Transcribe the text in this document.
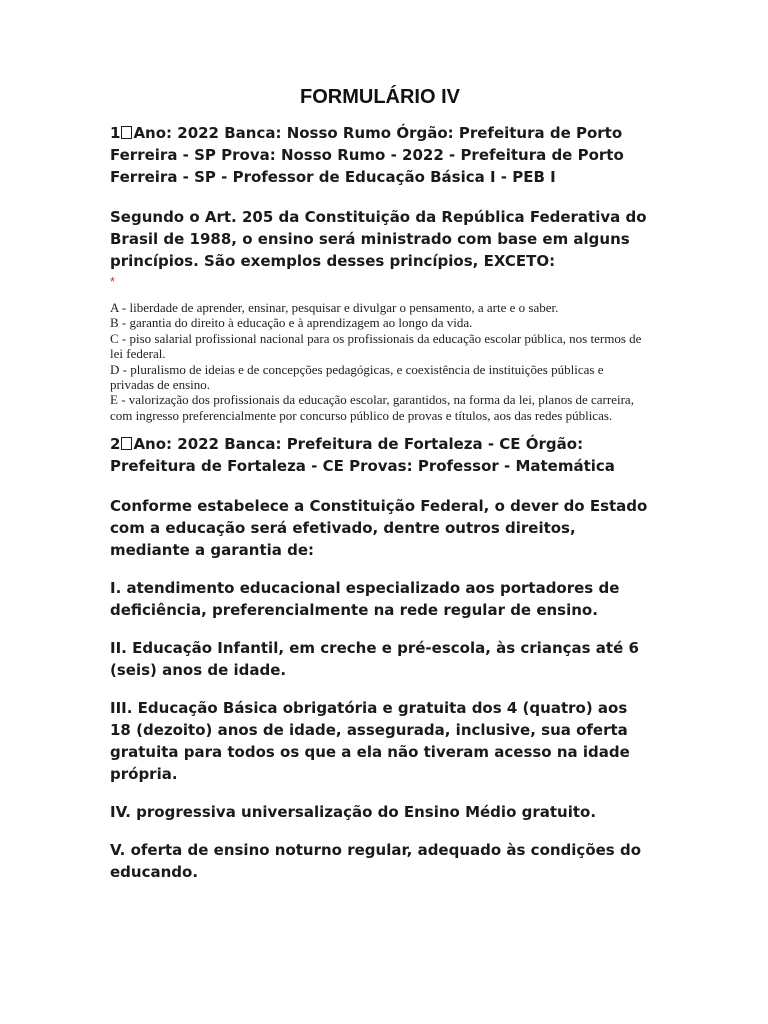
FORMULÁRIO IV

1 Ano: 2022 Banca: Nosso Rumo Órgão: Prefeitura de Porto Ferreira - SP Prova: Nosso Rumo - 2022 - Prefeitura de Porto Ferreira - SP - Professor de Educação Básica I - PEB I

Segundo o Art. 205 da Constituição da República Federativa do Brasil de 1988, o ensino será ministrado com base em alguns princípios. São exemplos desses princípios, EXCETO:

*
A - liberdade de aprender, ensinar, pesquisar e divulgar o pensamento, a arte e o saber.
B - garantia do direito à educação e à aprendizagem ao longo da vida.
C - piso salarial profissional nacional para os profissionais da educação escolar pública, nos termos de lei federal.
D - pluralismo de ideias e de concepções pedagógicas, e coexistência de instituições públicas e privadas de ensino.
E - valorização dos profissionais da educação escolar, garantidos, na forma da lei, planos de carreira, com ingresso preferencialmente por concurso público de provas e títulos, aos das redes públicas.

2 Ano: 2022 Banca: Prefeitura de Fortaleza - CE Órgão: Prefeitura de Fortaleza - CE Provas: Professor - Matemática

Conforme estabelece a Constituição Federal, o dever do Estado com a educação será efetivado, dentre outros direitos, mediante a garantia de:

I. atendimento educacional especializado aos portadores de deficiência, preferencialmente na rede regular de ensino.

II. Educação Infantil, em creche e pré-escola, às crianças até 6 (seis) anos de idade.

III. Educação Básica obrigatória e gratuita dos 4 (quatro) aos 18 (dezoito) anos de idade, assegurada, inclusive, sua oferta gratuita para todos os que a ela não tiveram acesso na idade própria.

IV. progressiva universalização do Ensino Médio gratuito.

V. oferta de ensino noturno regular, adequado às condições do educando.
